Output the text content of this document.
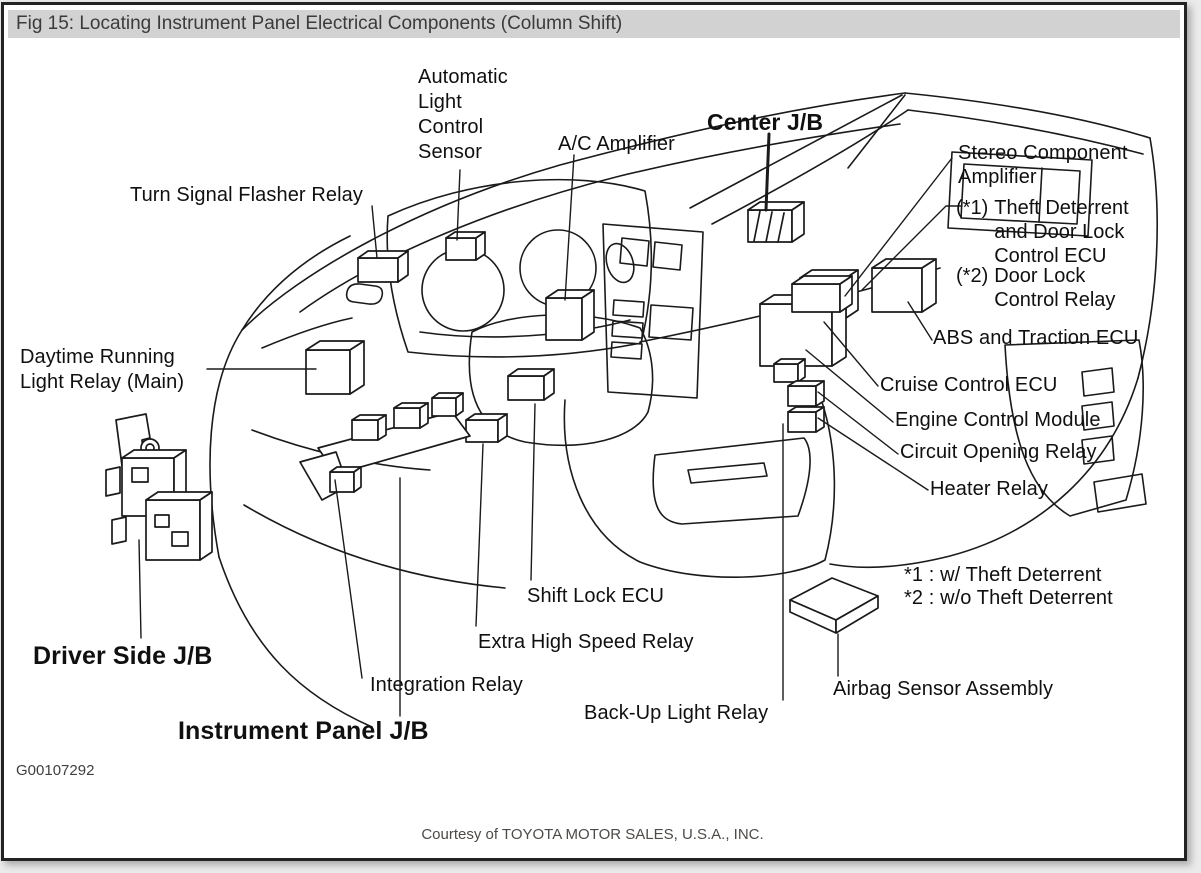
Fig 15: Locating Instrument Panel Electrical Components (Column Shift)
Automatic
Light
Control
Sensor
Turn Signal Flasher Relay
A/C Amplifier
Center J/B
Stereo Component
Amplifier
(*1) Theft Deterrent
and Door Lock
Control ECU
(*2) Door Lock
Control Relay
ABS and Traction ECU
Cruise Control ECU
Engine Control Module
Circuit Opening Relay
Heater Relay
Daytime Running
Light Relay (Main)
Shift Lock ECU
Extra High Speed Relay
Integration Relay
Driver Side J/B
Instrument Panel J/B
Back-Up Light Relay
Airbag Sensor Assembly
*1 : w/ Theft Deterrent
*2 : w/o Theft Deterrent
G00107292
Courtesy of TOYOTA MOTOR SALES, U.S.A., INC.
